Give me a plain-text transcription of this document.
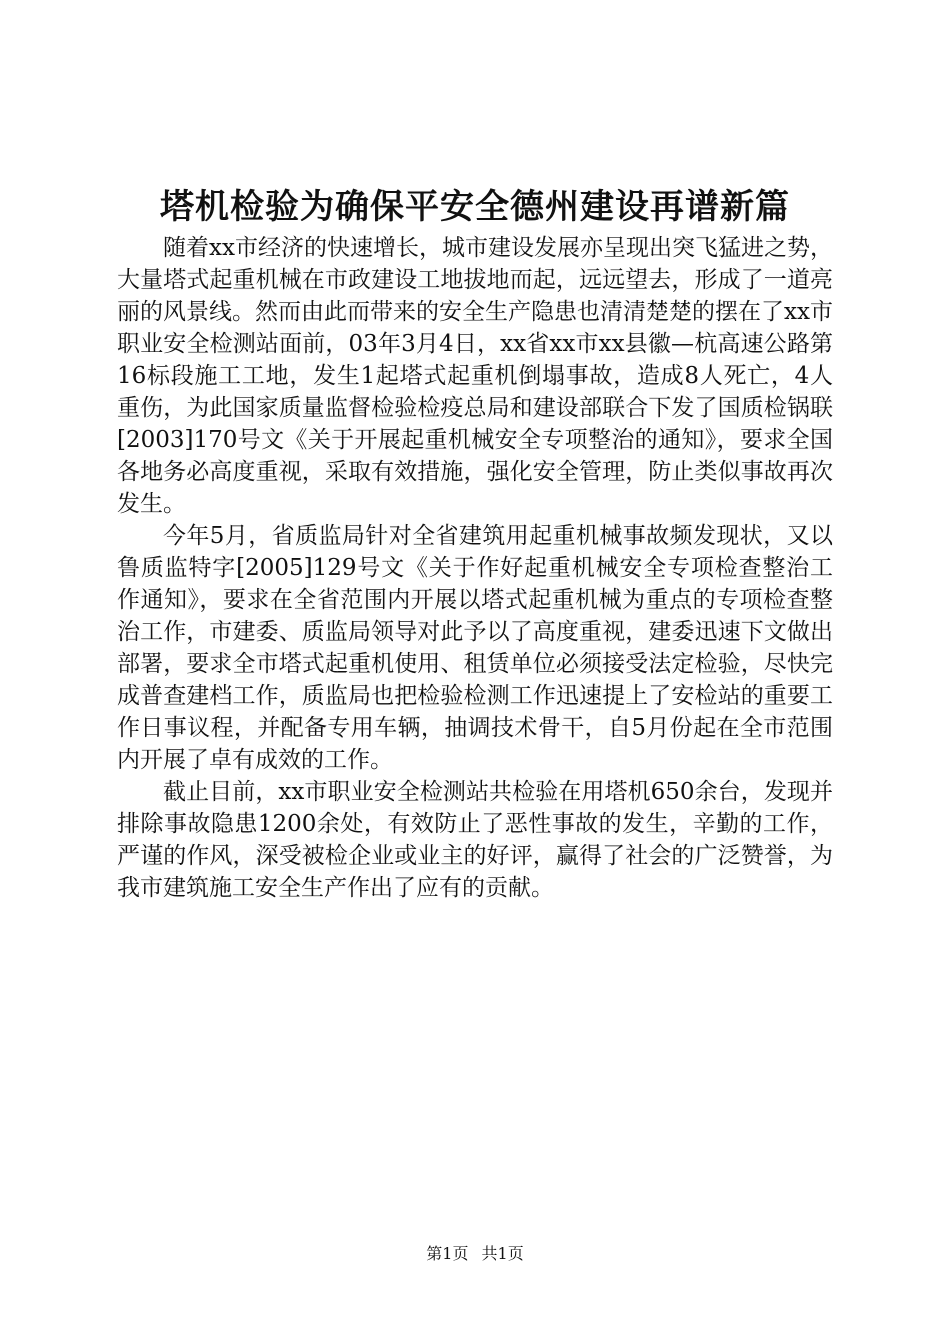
塔机检验为确保平安全德州建设再谱新篇

随着xx市经济的快速增长，城市建设发展亦呈现出突飞猛进之势，大量塔式起重机械在市政建设工地拔地而起，远远望去，形成了一道亮丽的风景线。然而由此而带来的安全生产隐患也清清楚楚的摆在了xx市职业安全检测站面前，03年3月4日，xx省xx市xx县徽—杭高速公路第16标段施工工地，发生1起塔式起重机倒塌事故，造成8人死亡，4人重伤，为此国家质量监督检验检疫总局和建设部联合下发了国质检锅联[2003]170号文《关于开展起重机械安全专项整治的通知》，要求全国各地务必高度重视，采取有效措施，强化安全管理，防止类似事故再次发生。

今年5月，省质监局针对全省建筑用起重机械事故频发现状，又以鲁质监特字[2005]129号文《关于作好起重机械安全专项检查整治工作通知》，要求在全省范围内开展以塔式起重机械为重点的专项检查整治工作，市建委、质监局领导对此予以了高度重视，建委迅速下文做出部署，要求全市塔式起重机使用、租赁单位必须接受法定检验，尽快完成普查建档工作，质监局也把检验检测工作迅速提上了安检站的重要工作日事议程，并配备专用车辆，抽调技术骨干，自5月份起在全市范围内开展了卓有成效的工作。

截止目前，xx市职业安全检测站共检验在用塔机650余台，发现并排除事故隐患1200余处，有效防止了恶性事故的发生，辛勤的工作，严谨的作风，深受被检企业或业主的好评，赢得了社会的广泛赞誉，为我市建筑施工安全生产作出了应有的贡献。

第1页 共1页
